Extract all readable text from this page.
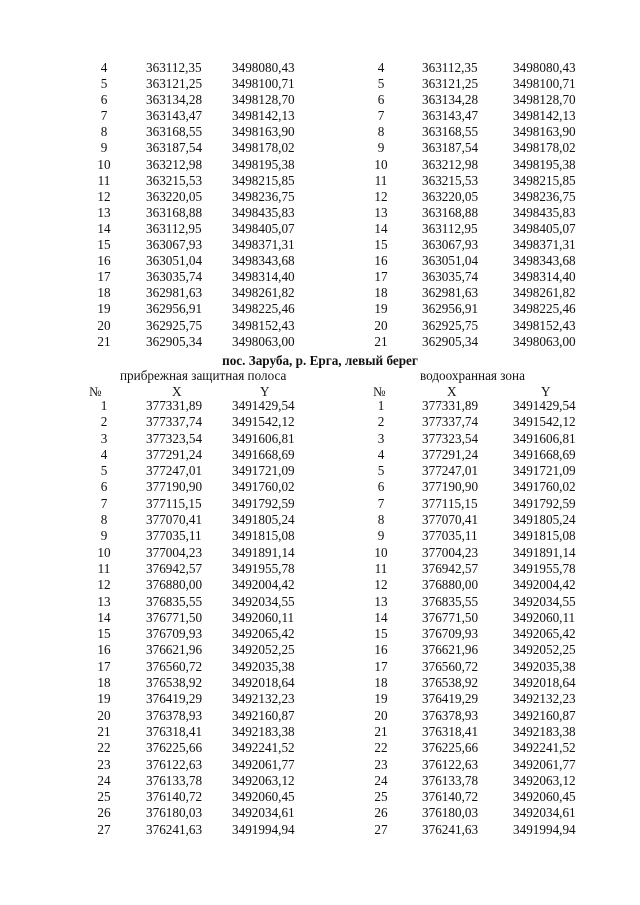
4	363112,35 3498080,43	4	363112,35	3498080,43
5	363121,25 3498100,71	5	363121,25	3498100,71
6	363134,28 3498128,70	6	363134,28	3498128,70
7	363143,47 3498142,13	7	363143,47	3498142,13
8	363168,55 3498163,90	8	363168,55	3498163,90
9	363187,54 3498178,02	9	363187,54	3498178,02
10	363212,98 3498195,38	10	363212,98	3498195,38
11	363215,53 3498215,85	11	363215,53	3498215,85
12	363220,05 3498236,75	12	363220,05	3498236,75
13	363168,88 3498435,83	13	363168,88	3498435,83
14	363112,95 3498405,07	14	363112,95	3498405,07
15	363067,93 3498371,31	15	363067,93	3498371,31
16	363051,04 3498343,68	16	363051,04	3498343,68
17	363035,74 3498314,40	17	363035,74	3498314,40
18	362981,63 3498261,82	18	362981,63	3498261,82
19	362956,91 3498225,46	19	362956,91	3498225,46
20	362925,75 3498152,43	20	362925,75	3498152,43
21	362905,34 3498063,00	21	362905,34	3498063,00
пос. Заруба, р. Ерга, левый берег
прибрежная защитная полоса	водоохранная зона
№	X	Y	№	X	Y
1	377331,89 3491429,54	1	377331,89	3491429,54
2	377337,74 3491542,12	2	377337,74	3491542,12
3	377323,54 3491606,81	3	377323,54	3491606,81
4	377291,24 3491668,69	4	377291,24	3491668,69
5	377247,01 3491721,09	5	377247,01	3491721,09
6	377190,90 3491760,02	6	377190,90	3491760,02
7	377115,15 3491792,59	7	377115,15	3491792,59
8	377070,41 3491805,24	8	377070,41	3491805,24
9	377035,11 3491815,08	9	377035,11	3491815,08
10	377004,23 3491891,14	10	377004,23	3491891,14
11	376942,57 3491955,78	11	376942,57	3491955,78
12	376880,00 3492004,42	12	376880,00	3492004,42
13	376835,55 3492034,55	13	376835,55	3492034,55
14	376771,50 3492060,11	14	376771,50	3492060,11
15	376709,93 3492065,42	15	376709,93	3492065,42
16	376621,96 3492052,25	16	376621,96	3492052,25
17	376560,72 3492035,38	17	376560,72	3492035,38
18	376538,92 3492018,64	18	376538,92	3492018,64
19	376419,29 3492132,23	19	376419,29	3492132,23
20	376378,93 3492160,87	20	376378,93	3492160,87
21	376318,41 3492183,38	21	376318,41	3492183,38
22	376225,66 3492241,52	22	376225,66	3492241,52
23	376122,63 3492061,77	23	376122,63	3492061,77
24	376133,78 3492063,12	24	376133,78	3492063,12
25	376140,72 3492060,45	25	376140,72	3492060,45
26	376180,03 3492034,61	26	376180,03	3492034,61
27	376241,63 3491994,94	27	376241,63	3491994,94
